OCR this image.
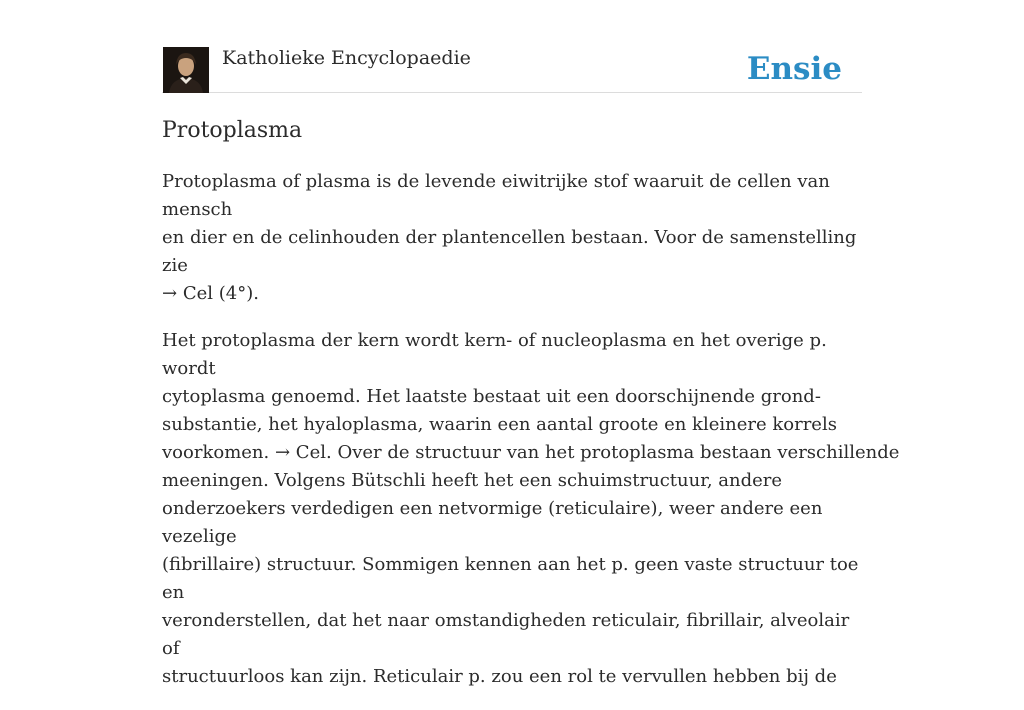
Katholieke Encyclopaedie	Ensie
Protoplasma

Protoplasma of plasma is de levende eiwitrijke stof waaruit de cellen van mensch
en dier en de celinhouden der plantencellen bestaan. Voor de samenstelling zie
→ Cel (4°).

Het protoplasma der kern wordt kern- of nucleoplasma en het overige p. wordt
cytoplasma genoemd. Het laatste bestaat uit een doorschijnende grond-
substantie, het hyaloplasma, waarin een aantal groote en kleinere korrels
voorkomen. → Cel. Over de structuur van het protoplasma bestaan verschillende
meeningen. Volgens Bütschli heeft het een schuimstructuur, andere
onderzoekers verdedigen een netvormige (reticulaire), weer andere een vezelige
(fibrillaire) structuur. Sommigen kennen aan het p. geen vaste structuur toe en
veronderstellen, dat het naar omstandigheden reticulair, fibrillair, alveolair of
structuurloos kan zijn. Reticulair p. zou een rol te vervullen hebben bij de
